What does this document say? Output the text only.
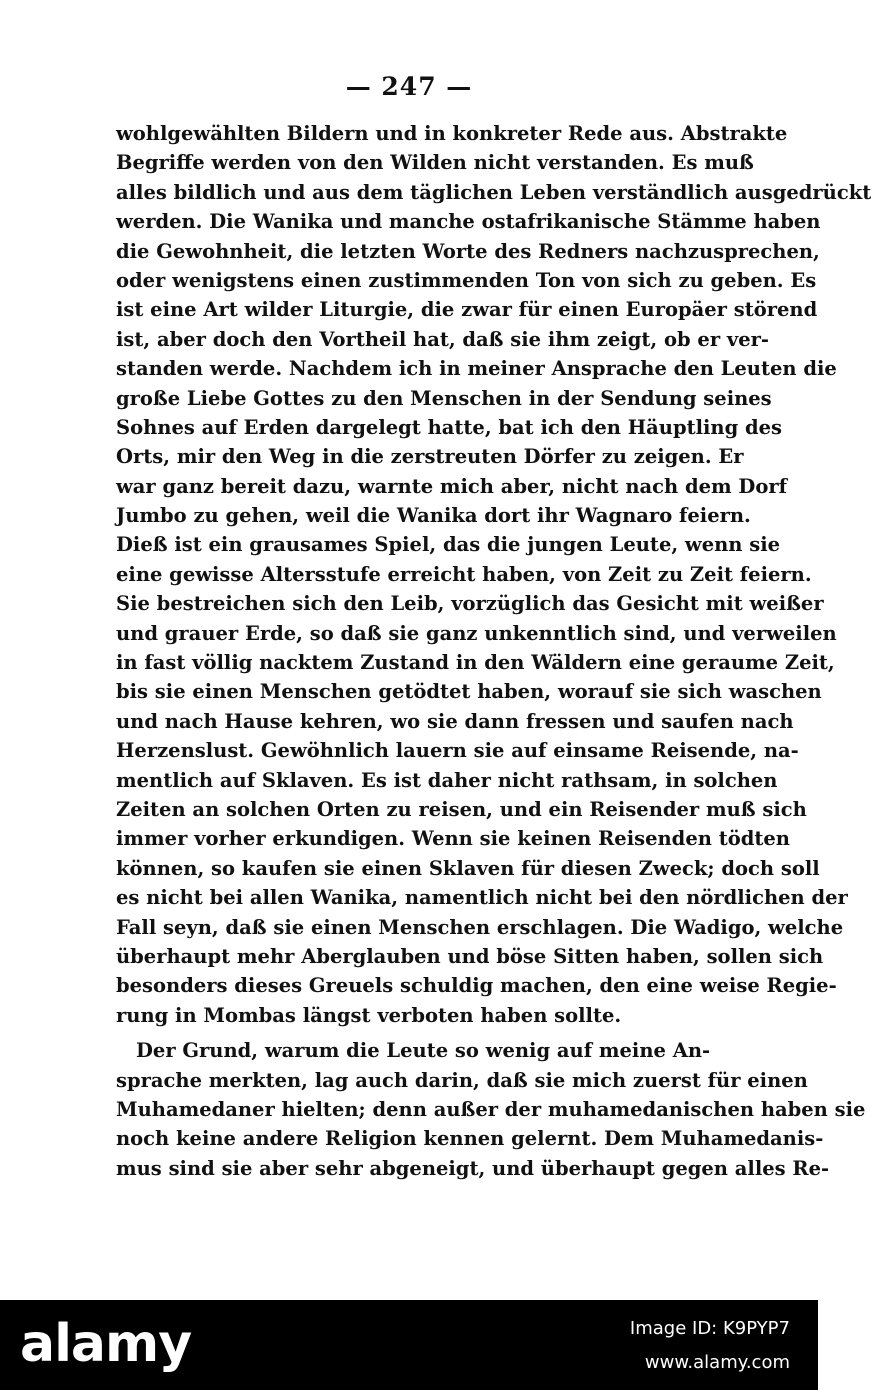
— 247 —
wohlgewählten Bildern und in konkreter Rede aus. Abstrakte
Begriffe werden von den Wilden nicht verstanden. Es muß
alles bildlich und aus dem täglichen Leben verständlich ausgedrückt
werden. Die Wanika und manche ostafrikanische Stämme haben
die Gewohnheit, die letzten Worte des Redners nachzusprechen,
oder wenigstens einen zustimmenden Ton von sich zu geben. Es
ist eine Art wilder Liturgie, die zwar für einen Europäer störend
ist, aber doch den Vortheil hat, daß sie ihm zeigt, ob er ver-
standen werde. Nachdem ich in meiner Ansprache den Leuten die
große Liebe Gottes zu den Menschen in der Sendung seines
Sohnes auf Erden dargelegt hatte, bat ich den Häuptling des
Orts, mir den Weg in die zerstreuten Dörfer zu zeigen. Er
war ganz bereit dazu, warnte mich aber, nicht nach dem Dorf
Jumbo zu gehen, weil die Wanika dort ihr Wagnaro feiern.
Dieß ist ein grausames Spiel, das die jungen Leute, wenn sie
eine gewisse Altersstufe erreicht haben, von Zeit zu Zeit feiern.
Sie bestreichen sich den Leib, vorzüglich das Gesicht mit weißer
und grauer Erde, so daß sie ganz unkenntlich sind, und verweilen
in fast völlig nacktem Zustand in den Wäldern eine geraume Zeit,
bis sie einen Menschen getödtet haben, worauf sie sich waschen
und nach Hause kehren, wo sie dann fressen und saufen nach
Herzenslust. Gewöhnlich lauern sie auf einsame Reisende, na-
mentlich auf Sklaven. Es ist daher nicht rathsam, in solchen
Zeiten an solchen Orten zu reisen, und ein Reisender muß sich
immer vorher erkundigen. Wenn sie keinen Reisenden tödten
können, so kaufen sie einen Sklaven für diesen Zweck; doch soll
es nicht bei allen Wanika, namentlich nicht bei den nördlichen der
Fall seyn, daß sie einen Menschen erschlagen. Die Wadigo, welche
überhaupt mehr Aberglauben und böse Sitten haben, sollen sich
besonders dieses Greuels schuldig machen, den eine weise Regie-
rung in Mombas längst verboten haben sollte.
Der Grund, warum die Leute so wenig auf meine An-
sprache merkten, lag auch darin, daß sie mich zuerst für einen
Muhamedaner hielten; denn außer der muhamedanischen haben sie
noch keine andere Religion kennen gelernt. Dem Muhamedanis-
mus sind sie aber sehr abgeneigt, und überhaupt gegen alles Re-
alamy	Image ID: K9PYP7
www.alamy.com
